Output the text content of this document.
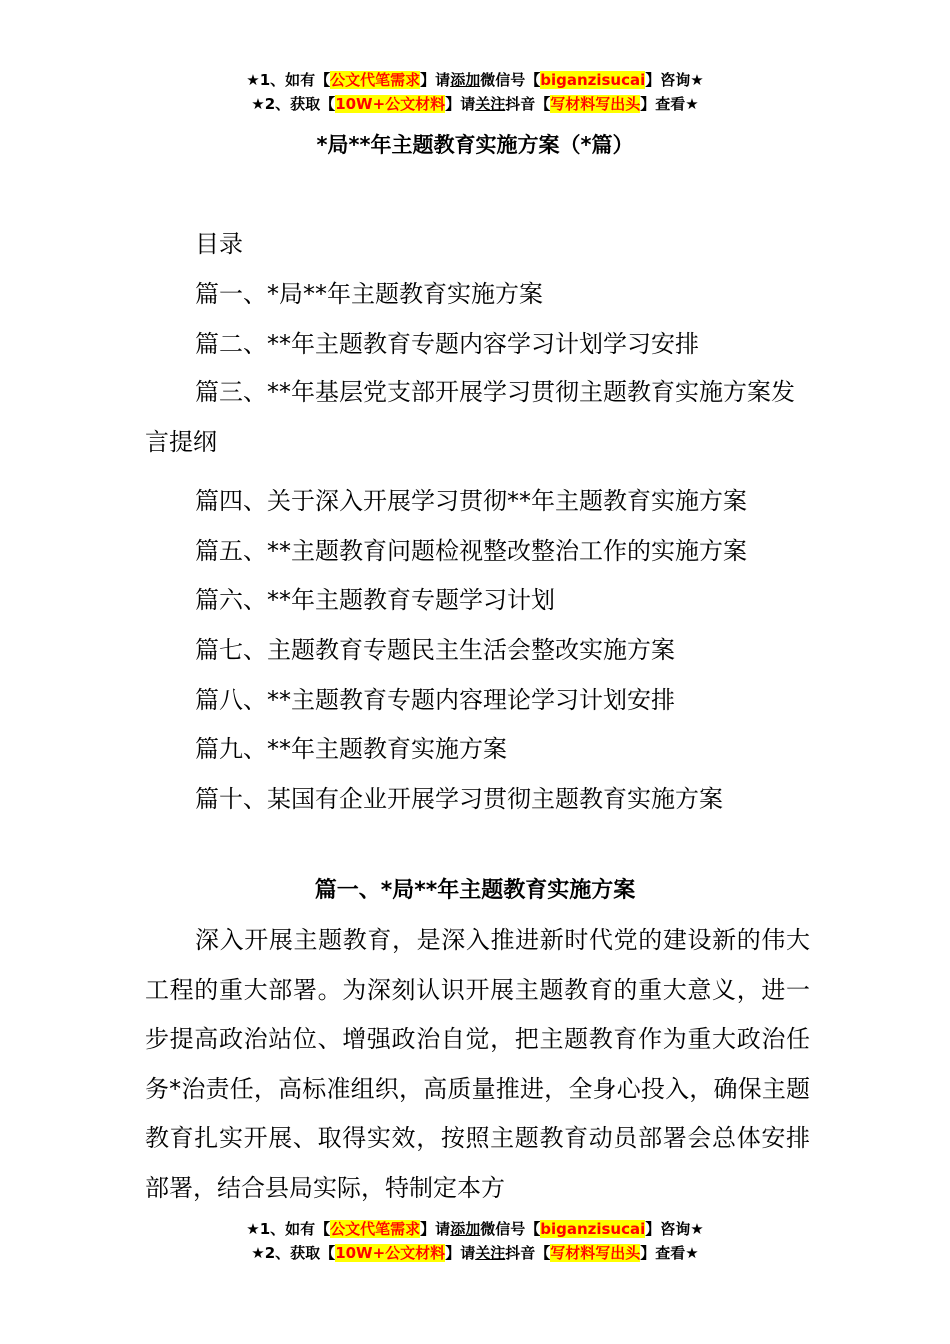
★1、如有【公文代笔需求】请添加微信号【biganzisucai】咨询★
★2、获取【10W+公文材料】请关注抖音【写材料写出头】查看★
*局**年主题教育实施方案（*篇）
目录
篇一、*局**年主题教育实施方案
篇二、**年主题教育专题内容学习计划学习安排
篇三、**年基层党支部开展学习贯彻主题教育实施方案发言提纲
篇四、关于深入开展学习贯彻**年主题教育实施方案
篇五、**主题教育问题检视整改整治工作的实施方案
篇六、**年主题教育专题学习计划
篇七、主题教育专题民主生活会整改实施方案
篇八、**主题教育专题内容理论学习计划安排
篇九、**年主题教育实施方案
篇十、某国有企业开展学习贯彻主题教育实施方案
篇一、*局**年主题教育实施方案

深入开展主题教育，是深入推进新时代党的建设新的伟大工程的重大部署。为深刻认识开展主题教育的重大意义，进一步提高政治站位、增强政治自觉，把主题教育作为重大政治任务*治责任，高标准组织，高质量推进，全身心投入，确保主题教育扎实开展、取得实效，按照主题教育动员部署会总体安排部署，结合县局实际，特制定本方

★1、如有【公文代笔需求】请添加微信号【biganzisucai】咨询★
★2、获取【10W+公文材料】请关注抖音【写材料写出头】查看★
